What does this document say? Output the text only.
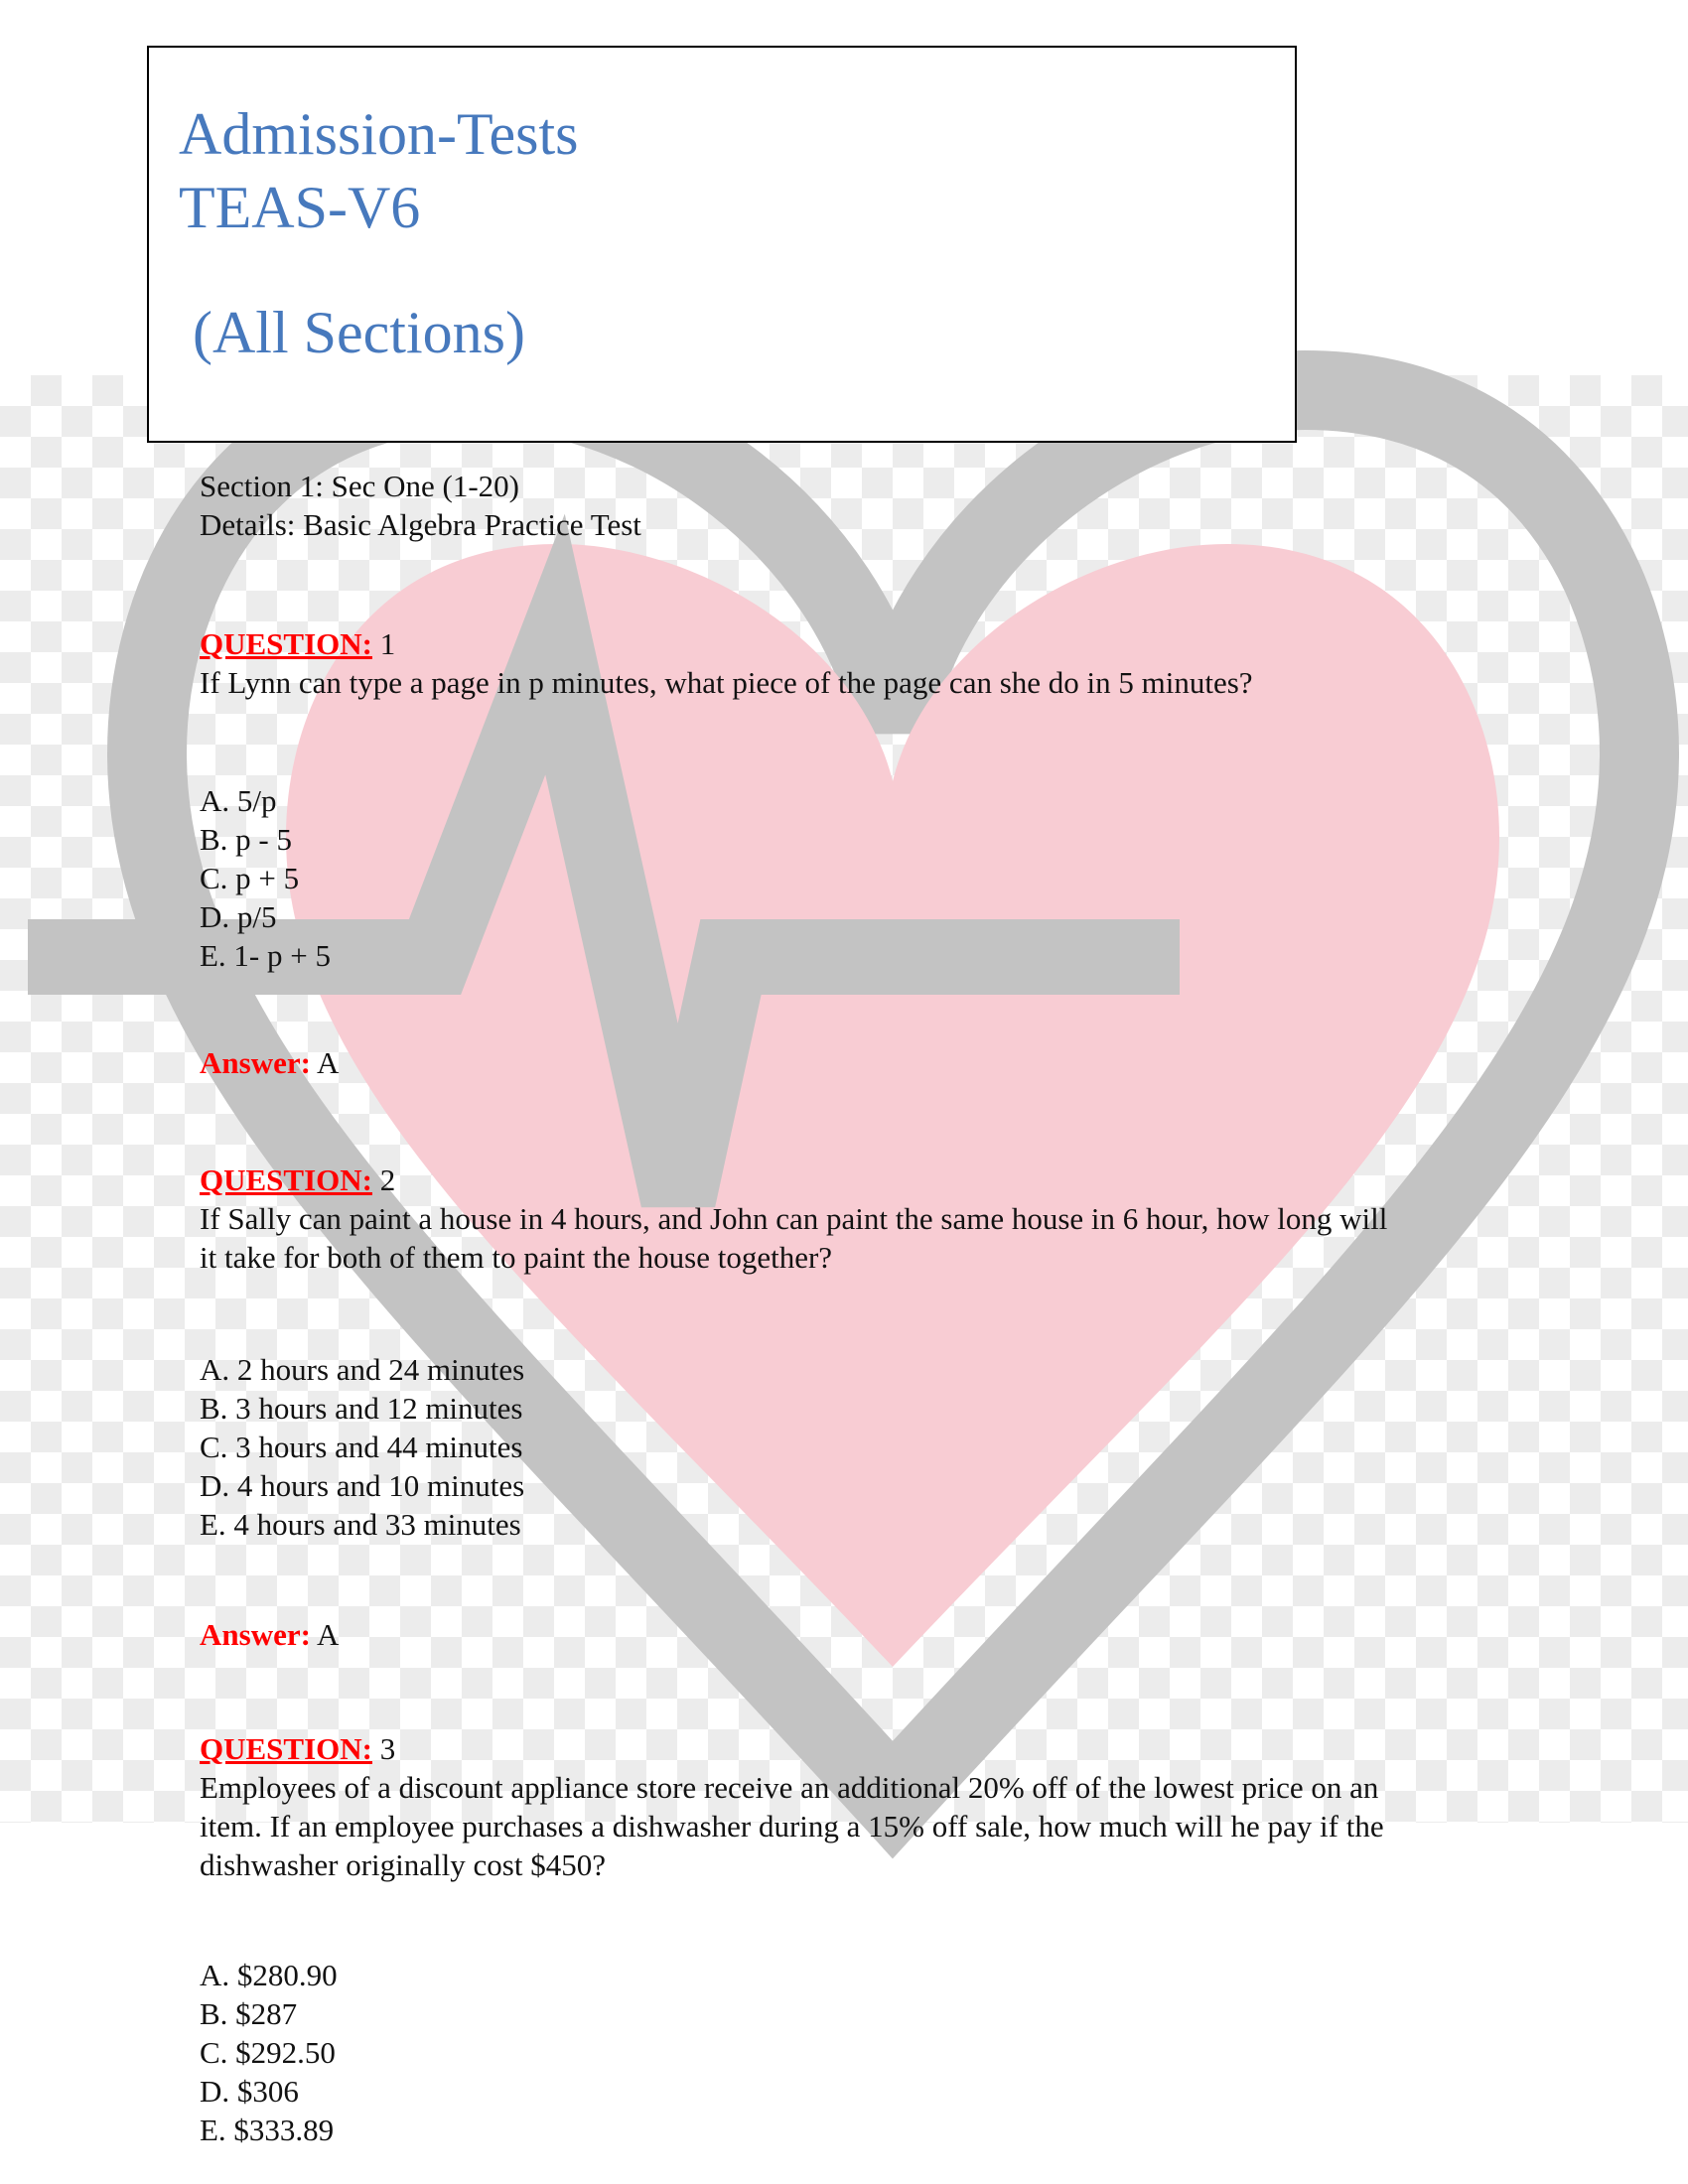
Admission-Tests
TEAS-V6
(All Sections)
Section 1: Sec One (1-20)
Details: Basic Algebra Practice Test
QUESTION: 1
If Lynn can type a page in p minutes, what piece of the page can she do in 5 minutes?
A. 5/p
B. p - 5
C. p + 5
D. p/5
E. 1- p + 5
Answer: A
QUESTION: 2
If Sally can paint a house in 4 hours, and John can paint the same house in 6 hour, how long will
it take for both of them to paint the house together?
A. 2 hours and 24 minutes
B. 3 hours and 12 minutes
C. 3 hours and 44 minutes
D. 4 hours and 10 minutes
E. 4 hours and 33 minutes
Answer: A
QUESTION: 3
Employees of a discount appliance store receive an additional 20% off of the lowest price on an
item. If an employee purchases a dishwasher during a 15% off sale, how much will he pay if the
dishwasher originally cost $450?
A. $280.90
B. $287
C. $292.50
D. $306
E. $333.89
